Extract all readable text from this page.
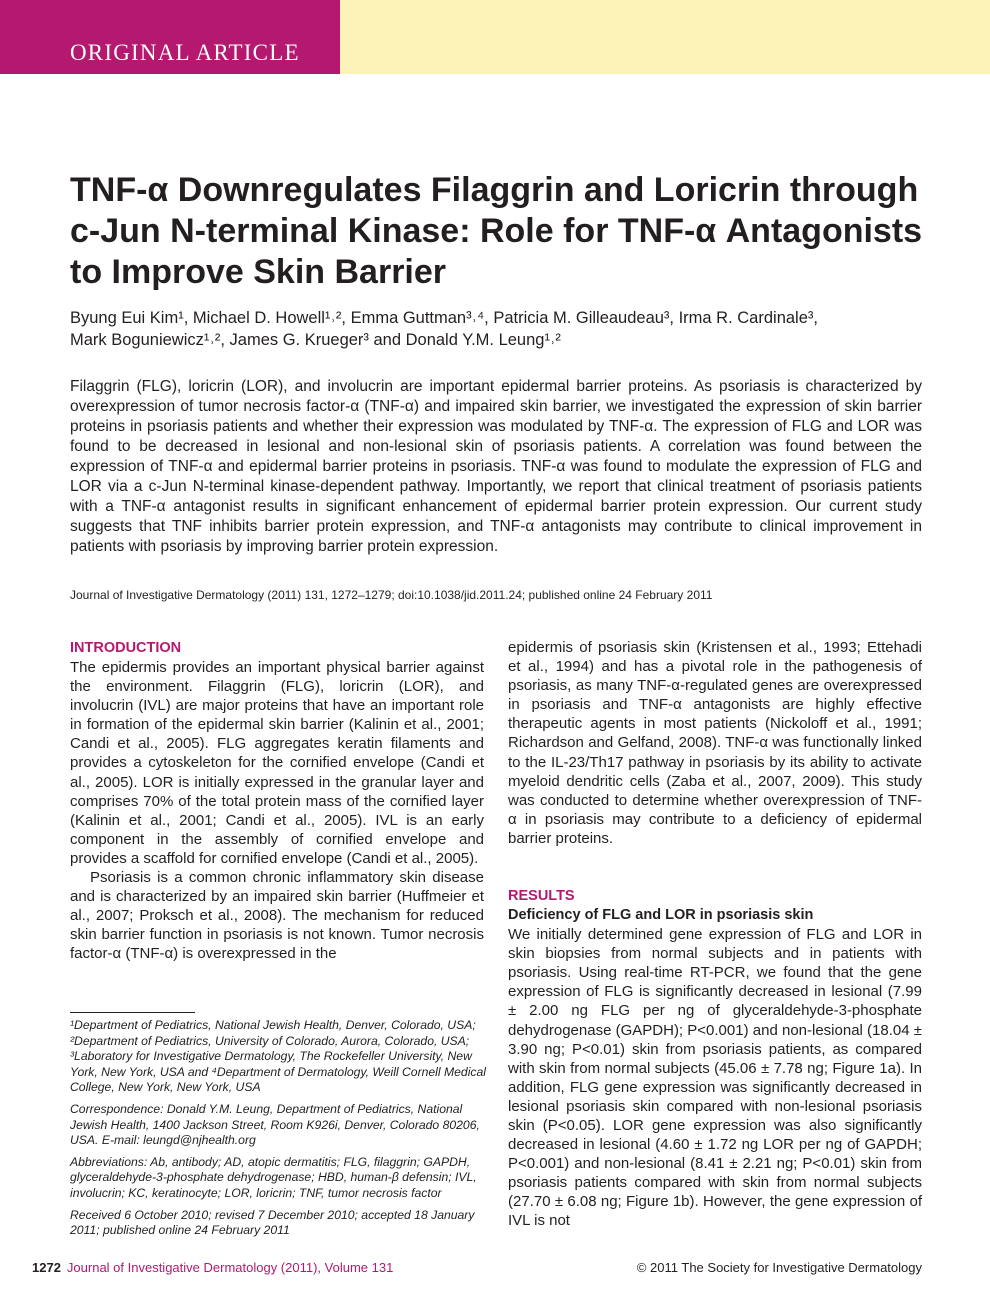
ORIGINAL ARTICLE
TNF-α Downregulates Filaggrin and Loricrin through
c-Jun N-terminal Kinase: Role for TNF-α Antagonists
to Improve Skin Barrier
Byung Eui Kim¹, Michael D. Howell¹˒², Emma Guttman³˒⁴, Patricia M. Gilleaudeau³, Irma R. Cardinale³,
Mark Boguniewicz¹˒², James G. Krueger³ and Donald Y.M. Leung¹˒²

Filaggrin (FLG), loricrin (LOR), and involucrin are important epidermal barrier proteins. As psoriasis is characterized by overexpression of tumor necrosis factor-α (TNF-α) and impaired skin barrier, we investigated the expression of skin barrier proteins in psoriasis patients and whether their expression was modulated by TNF-α. The expression of FLG and LOR was found to be decreased in lesional and non-lesional skin of psoriasis patients. A correlation was found between the expression of TNF-α and epidermal barrier proteins in psoriasis. TNF-α was found to modulate the expression of FLG and LOR via a c-Jun N-terminal kinase-dependent pathway. Importantly, we report that clinical treatment of psoriasis patients with a TNF-α antagonist results in significant enhancement of epidermal barrier protein expression. Our current study suggests that TNF inhibits barrier protein expression, and TNF-α antagonists may contribute to clinical improvement in patients with psoriasis by improving barrier protein expression.

Journal of Investigative Dermatology (2011) 131, 1272–1279; doi:10.1038/jid.2011.24; published online 24 February 2011

INTRODUCTION

The epidermis provides an important physical barrier against the environment. Filaggrin (FLG), loricrin (LOR), and involucrin (IVL) are major proteins that have an important role in formation of the epidermal skin barrier (Kalinin et al., 2001; Candi et al., 2005). FLG aggregates keratin filaments and provides a cytoskeleton for the cornified envelope (Candi et al., 2005). LOR is initially expressed in the granular layer and comprises 70% of the total protein mass of the cornified layer (Kalinin et al., 2001; Candi et al., 2005). IVL is an early component in the assembly of cornified envelope and provides a scaffold for cornified envelope (Candi et al., 2005).

Psoriasis is a common chronic inflammatory skin disease and is characterized by an impaired skin barrier (Huffmeier et al., 2007; Proksch et al., 2008). The mechanism for reduced skin barrier function in psoriasis is not known. Tumor necrosis factor-α (TNF-α) is overexpressed in the

epidermis of psoriasis skin (Kristensen et al., 1993; Ettehadi et al., 1994) and has a pivotal role in the pathogenesis of psoriasis, as many TNF-α-regulated genes are overexpressed in psoriasis and TNF-α antagonists are highly effective therapeutic agents in most patients (Nickoloff et al., 1991; Richardson and Gelfand, 2008). TNF-α was functionally linked to the IL-23/Th17 pathway in psoriasis by its ability to activate myeloid dendritic cells (Zaba et al., 2007, 2009). This study was conducted to determine whether overexpression of TNF-α in psoriasis may contribute to a deficiency of epidermal barrier proteins.

RESULTS
Deficiency of FLG and LOR in psoriasis skin

We initially determined gene expression of FLG and LOR in skin biopsies from normal subjects and in patients with psoriasis. Using real-time RT-PCR, we found that the gene expression of FLG is significantly decreased in lesional (7.99 ± 2.00 ng FLG per ng of glyceraldehyde-3-phosphate dehydrogenase (GAPDH); P<0.001) and non-lesional (18.04 ± 3.90 ng; P<0.01) skin from psoriasis patients, as compared with skin from normal subjects (45.06 ± 7.78 ng; Figure 1a). In addition, FLG gene expression was significantly decreased in lesional psoriasis skin compared with non-lesional psoriasis skin (P<0.05). LOR gene expression was also significantly decreased in lesional (4.60 ± 1.72 ng LOR per ng of GAPDH; P<0.001) and non-lesional (8.41 ± 2.21 ng; P<0.01) skin from psoriasis patients compared with skin from normal subjects (27.70 ± 6.08 ng; Figure 1b). However, the gene expression of IVL is not

¹Department of Pediatrics, National Jewish Health, Denver, Colorado, USA; ²Department of Pediatrics, University of Colorado, Aurora, Colorado, USA; ³Laboratory for Investigative Dermatology, The Rockefeller University, New York, New York, USA and ⁴Department of Dermatology, Weill Cornell Medical College, New York, New York, USA

Correspondence: Donald Y.M. Leung, Department of Pediatrics, National Jewish Health, 1400 Jackson Street, Room K926i, Denver, Colorado 80206, USA. E-mail: leungd@njhealth.org

Abbreviations: Ab, antibody; AD, atopic dermatitis; FLG, filaggrin; GAPDH, glyceraldehyde-3-phosphate dehydrogenase; HBD, human-β defensin; IVL, involucrin; KC, keratinocyte; LOR, loricrin; TNF, tumor necrosis factor

Received 6 October 2010; revised 7 December 2010; accepted 18 January 2011; published online 24 February 2011

1272 Journal of Investigative Dermatology (2011), Volume 131	© 2011 The Society for Investigative Dermatology
